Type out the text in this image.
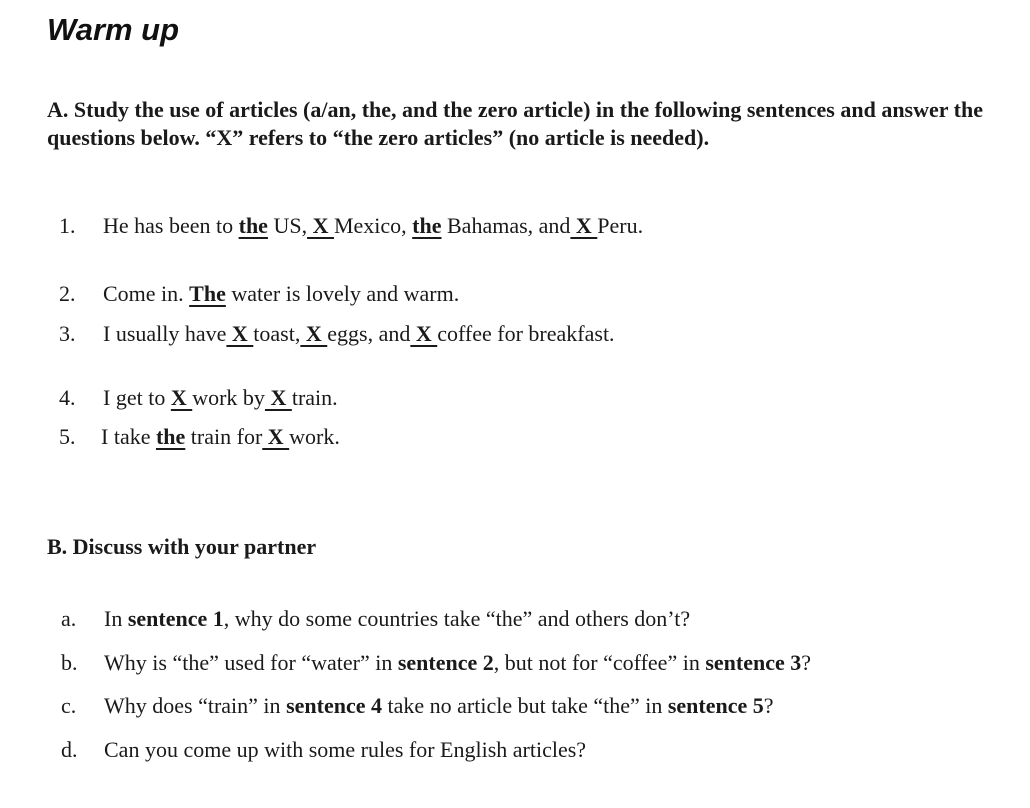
Warm up

A. Study the use of articles (a/an, the, and the zero article) in the following sentences and answer the questions below. “X” refers to “the zero articles” (no article is needed).

1. He has been to the US, X Mexico, the Bahamas, and X Peru.
2. Come in. The water is lovely and warm.
3. I usually have X toast, X eggs, and X coffee for breakfast.
4. I get to X work by X train.
5. I take the train for X work.

B. Discuss with your partner

a. In sentence 1, why do some countries take “the” and others don’t?
b. Why is “the” used for “water” in sentence 2, but not for “coffee” in sentence 3?
c. Why does “train” in sentence 4 take no article but take “the” in sentence 5?
d. Can you come up with some rules for English articles?
